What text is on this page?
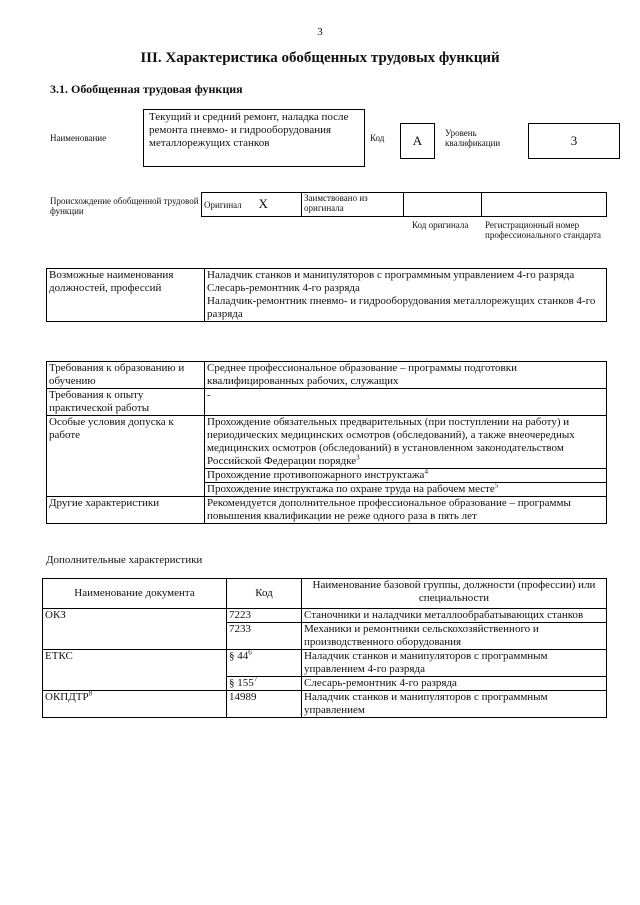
3
III. Характеристика обобщенных трудовых функций
3.1. Обобщенная трудовая функция
Наименование
Текущий и средний ремонт, наладка после ремонта пневмо- и гидрооборудования металлорежущих станков	Код	А	Уровень квалификации	3
Происхождение обобщенной трудовой функции
Оригинал X	Заимствовано из оригинала		
Код оригинала	Регистрационный номер профессионального стандарта
Возможные наименования должностей, профессий	
Наладчик станков и манипуляторов с программным управлением 4-го разряда
Слесарь-ремонтник 4-го разряда
Наладчик-ремонтник пневмо- и гидрооборудования металлорежущих станков 4-го разряда
Требования к образованию и обучению	Среднее профессиональное образование – программы подготовки квалифицированных рабочих, служащих
Требования к опыту практической работы	-
Особые условия допуска к работе	Прохождение обязательных предварительных (при поступлении на работу) и периодических медицинских осмотров (обследований), а также внеочередных медицинских осмотров (обследований) в установленном законодательством Российской Федерации порядке$^3$
	Прохождение противопожарного инструктажа$^4$
	Прохождение инструктажа по охране труда на рабочем месте$^5$
Другие характеристики	Рекомендуется дополнительное профессиональное образование – программы повышения квалификации не реже одного раза в пять лет
Дополнительные характеристики
Наименование документа	Код	Наименование базовой группы, должности (профессии) или специальности
ОКЗ	7223	Станочники и наладчики металлообрабатывающих станков
	7233	Механики и ремонтники сельскохозяйственного и производственного оборудования
ЕТКС	§ 44$^6$	Наладчик станков и манипуляторов с программным управлением 4-го разряда
	§ 155$^7$	Слесарь-ремонтник 4-го разряда
ОКПДТР$^8$	14989	Наладчик станков и манипуляторов с программным управлением
